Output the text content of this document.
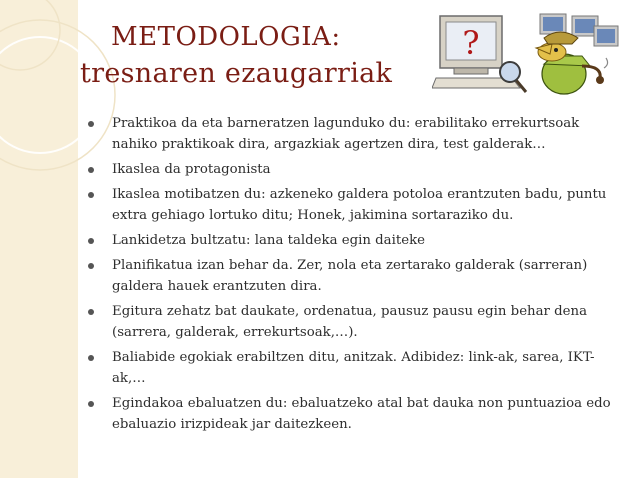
METODOLOGIA:
tresnaren ezaugarriak
?
Praktikoa da eta barneratzen lagunduko du: erabilitako errekurtsoak nahiko praktikoak dira, argazkiak agertzen dira, test galderak…
Ikaslea da protagonista
Ikaslea motibatzen du: azkeneko galdera potoloa erantzuten badu, puntu extra gehiago lortuko ditu; Honek, jakimina sortaraziko du.
Lankidetza bultzatu: lana taldeka egin daiteke
Planifikatua izan behar da. Zer, nola eta zertarako galderak (sarreran) galdera hauek erantzuten dira.
Egitura zehatz bat daukate, ordenatua, pausuz pausu egin behar dena (sarrera, galderak, errekurtsoak,…).
Baliabide egokiak erabiltzen ditu, anitzak. Adibidez: link-ak, sarea, IKT-ak,…
Egindakoa ebaluatzen du: ebaluatzeko atal bat dauka non puntuazioa edo ebaluazio irizpideak jar daitezkeen.
